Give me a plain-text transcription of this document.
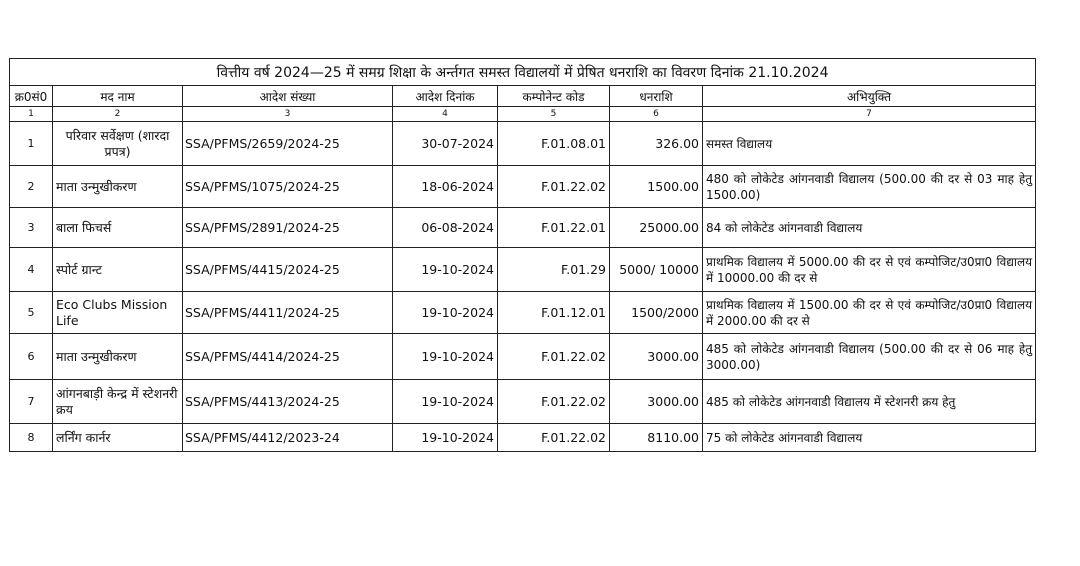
वित्तीय वर्ष 2024—25 में समग्र शिक्षा के अर्न्तगत समस्त विद्यालयों में प्रेषित धनराशि का विवरण दिनांक 21.10.2024						
क्र0सं0	मद नाम	आदेश संख्या	आदेश दिनांक	कम्पोनेन्ट कोड	धनराशि	अभियुक्ति
1	2	3	4	5	6	7
1	परिवार सर्वेक्षण (शारदा प्रपत्र)	SSA/PFMS/2659/2024-25	30-07-2024	F.01.08.01	326.00	समस्त विद्यालय
2	माता उन्मुखीकरण	SSA/PFMS/1075/2024-25	18-06-2024	F.01.22.02	1500.00	480 को लोकेटेड आंगनवाडी विद्यालय (500.00 की दर से 03 माह हेतु 1500.00)
3	बाला फिचर्स	SSA/PFMS/2891/2024-25	06-08-2024	F.01.22.01	25000.00	84 को लोकेटेड आंगनवाडी विद्यालय
4	स्पोर्ट ग्रान्ट	SSA/PFMS/4415/2024-25	19-10-2024	F.01.29	5000/ 10000	प्राथमिक विद्यालय में 5000.00 की दर से एवं कम्पोजिट/उ0प्रा0 विद्यालय में 10000.00 की दर से
5	Eco Clubs Mission Life	SSA/PFMS/4411/2024-25	19-10-2024	F.01.12.01	1500/2000	प्राथमिक विद्यालय में 1500.00 की दर से एवं कम्पोजिट/उ0प्रा0 विद्यालय में 2000.00 की दर से
6	माता उन्मुखीकरण	SSA/PFMS/4414/2024-25	19-10-2024	F.01.22.02	3000.00	485 को लोकेटेड आंगनवाडी विद्यालय (500.00 की दर से 06 माह हेतु 3000.00)
7	आंगनबाड़ी केन्द्र में स्टेशनरी क्रय	SSA/PFMS/4413/2024-25	19-10-2024	F.01.22.02	3000.00	485 को लोकेटेड आंगनवाडी विद्यालय में स्टेशनरी क्रय हेतु
8	लर्निंग कार्नर	SSA/PFMS/4412/2023-24	19-10-2024	F.01.22.02	8110.00	75 को लोकेटेड आंगनवाडी विद्यालय
